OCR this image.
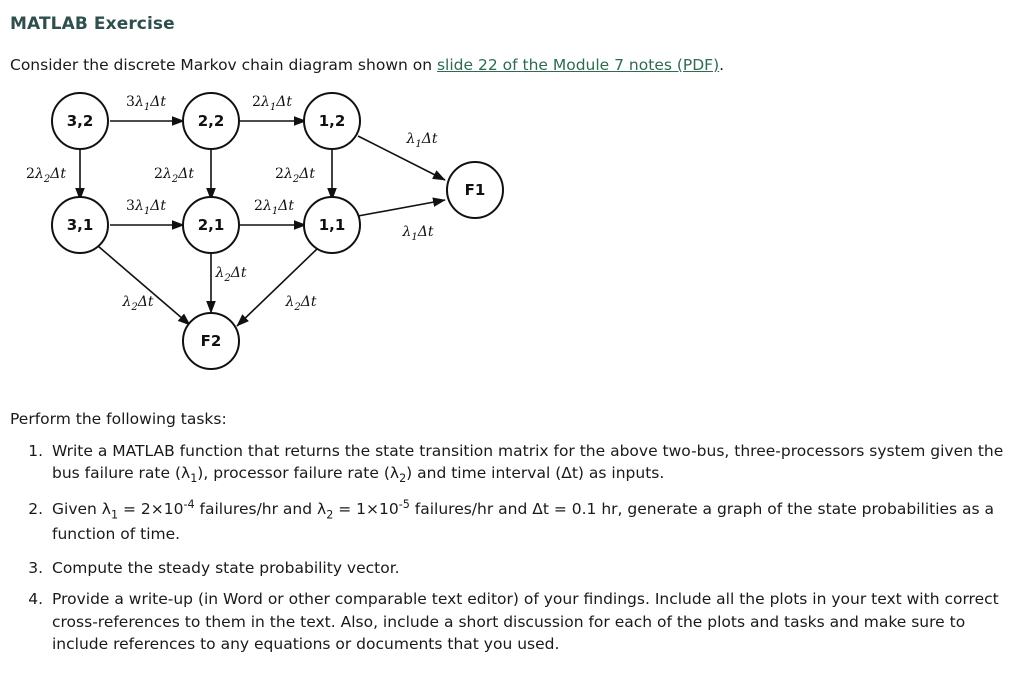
MATLAB Exercise
Consider the discrete Markov chain diagram shown on slide 22 of the Module 7 notes (PDF).
3,2	2,2	1,2
3,1	2,1	1,1
F1
F2
$3\lambda_1\Delta t$	$2\lambda_1\Delta t$
$\lambda_1\Delta t$
$2\lambda_2\Delta t$	$2\lambda_2\Delta t$	$2\lambda_2\Delta t$
$3\lambda_1\Delta t$	$2\lambda_1\Delta t$
$\lambda_1\Delta t$
$\lambda_2\Delta t$
$\lambda_2\Delta t$
$\lambda_2\Delta t$
Perform the following tasks:
1. Write a MATLAB function that returns the state transition matrix for the above two-bus, three-processors system given the bus failure rate $(\lambda_1)$, processor failure rate $(\lambda_2)$ and time interval (Δt) as inputs.
2. Given $\lambda_1 = 2\times 10^{-4}$ failures/hr and $\lambda_2 = 1\times 10^{-5}$ failures/hr and Δt = 0.1 hr, generate a graph of the state probabilities as a function of time.
3. Compute the steady state probability vector.
4. Provide a write-up (in Word or other comparable text editor) of your findings. Include all the plots in your text with correct cross-references to them in the text. Also, include a short discussion for each of the plots and tasks and make sure to include references to any equations or documents that you used.
